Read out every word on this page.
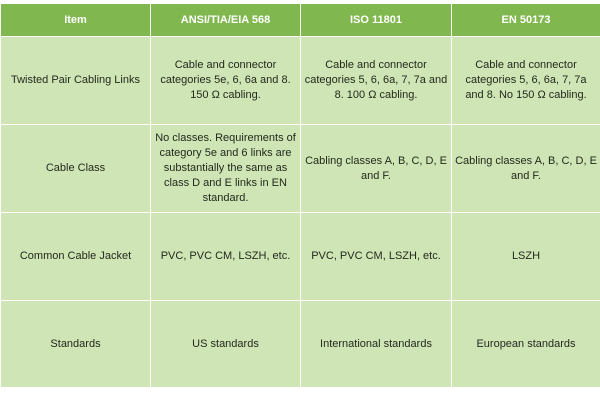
Item	ANSI/TIA/EIA 568	ISO 11801	EN 50173

Twisted Pair Cabling Links	Cable and connector categories 5e, 6, 6a and 8. 150 Ω cabling.	Cable and connector categories 5, 6, 6a, 7, 7a and 8. 100 Ω cabling.	Cable and connector categories 5, 6, 6a, 7, 7a and 8. No 150 Ω cabling.

Cable Class	No classes. Requirements of category 5e and 6 links are substantially the same as class D and E links in EN standard.	Cabling classes A, B, C, D, E and F.	Cabling classes A, B, C, D, E and F.

Common Cable Jacket	PVC, PVC CM, LSZH, etc.	PVC, PVC CM, LSZH, etc.	LSZH

Standards	US standards	International standards	European standards
